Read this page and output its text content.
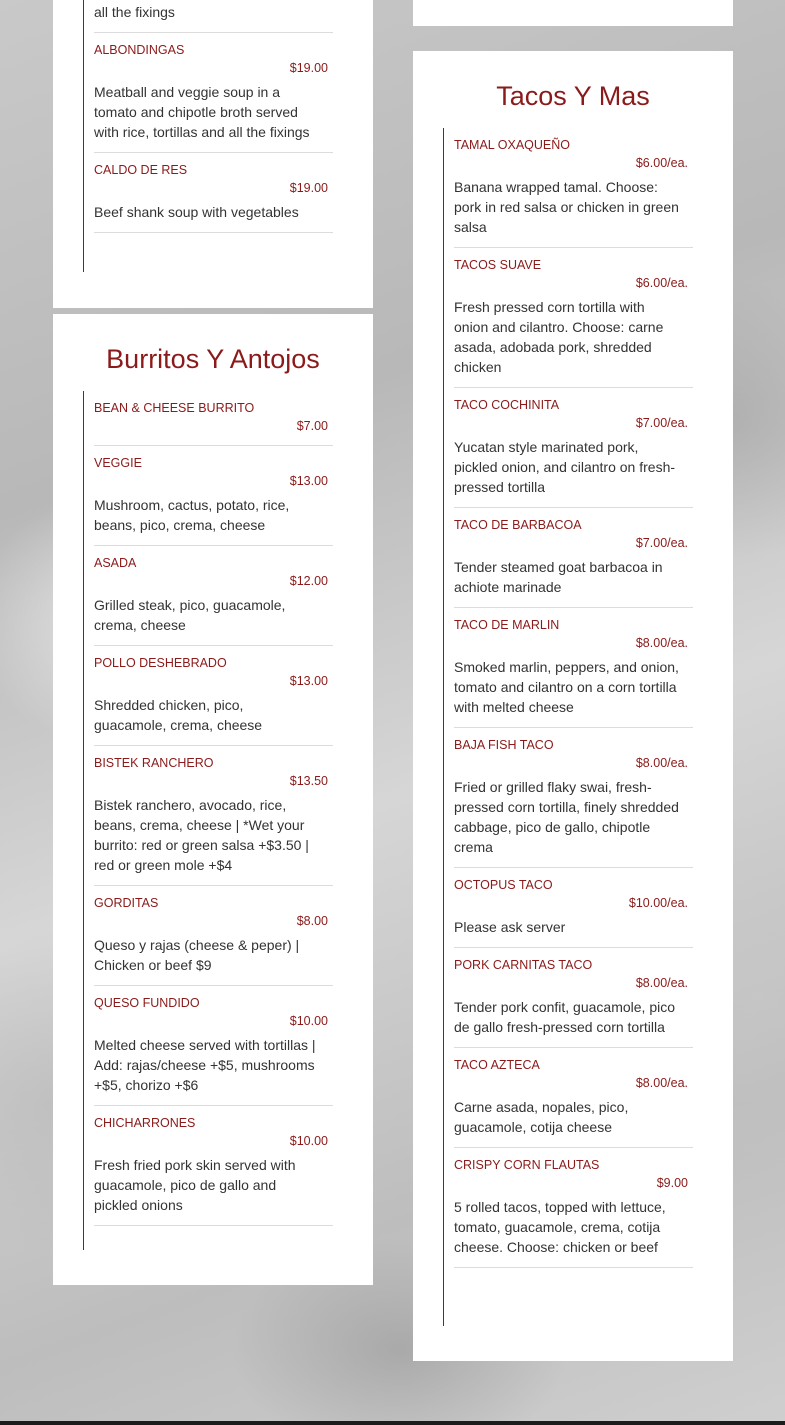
all the fixings
ALBONDINGAS
$19.00
Meatball and veggie soup in a tomato and chipotle broth served with rice, tortillas and all the fixings
CALDO DE RES
$19.00
Beef shank soup with vegetables
Burritos Y Antojos
BEAN & CHEESE BURRITO
$7.00
VEGGIE
$13.00
Mushroom, cactus, potato, rice, beans, pico, crema, cheese
ASADA
$12.00
Grilled steak, pico, guacamole, crema, cheese
POLLO DESHEBRADO
$13.00
Shredded chicken, pico, guacamole, crema, cheese
BISTEK RANCHERO
$13.50
Bistek ranchero, avocado, rice, beans, crema, cheese | *Wet your burrito: red or green salsa +$3.50 | red or green mole +$4
GORDITAS
$8.00
Queso y rajas (cheese & peper) | Chicken or beef $9
QUESO FUNDIDO
$10.00
Melted cheese served with tortillas | Add: rajas/cheese +$5, mushrooms +$5, chorizo +$6
CHICHARRONES
$10.00
Fresh fried pork skin served with guacamole, pico de gallo and pickled onions
Tacos Y Mas
TAMAL OXAQUEÑO
$6.00/ea.
Banana wrapped tamal. Choose: pork in red salsa or chicken in green salsa
TACOS SUAVE
$6.00/ea.
Fresh pressed corn tortilla with onion and cilantro. Choose: carne asada, adobada pork, shredded chicken
TACO COCHINITA
$7.00/ea.
Yucatan style marinated pork, pickled onion, and cilantro on fresh-pressed tortilla
TACO DE BARBACOA
$7.00/ea.
Tender steamed goat barbacoa in achiote marinade
TACO DE MARLIN
$8.00/ea.
Smoked marlin, peppers, and onion, tomato and cilantro on a corn tortilla with melted cheese
BAJA FISH TACO
$8.00/ea.
Fried or grilled flaky swai, fresh-pressed corn tortilla, finely shredded cabbage, pico de gallo, chipotle crema
OCTOPUS TACO
$10.00/ea.
Please ask server
PORK CARNITAS TACO
$8.00/ea.
Tender pork confit, guacamole, pico de gallo fresh-pressed corn tortilla
TACO AZTECA
$8.00/ea.
Carne asada, nopales, pico, guacamole, cotija cheese
CRISPY CORN FLAUTAS
$9.00
5 rolled tacos, topped with lettuce, tomato, guacamole, crema, cotija cheese. Choose: chicken or beef
